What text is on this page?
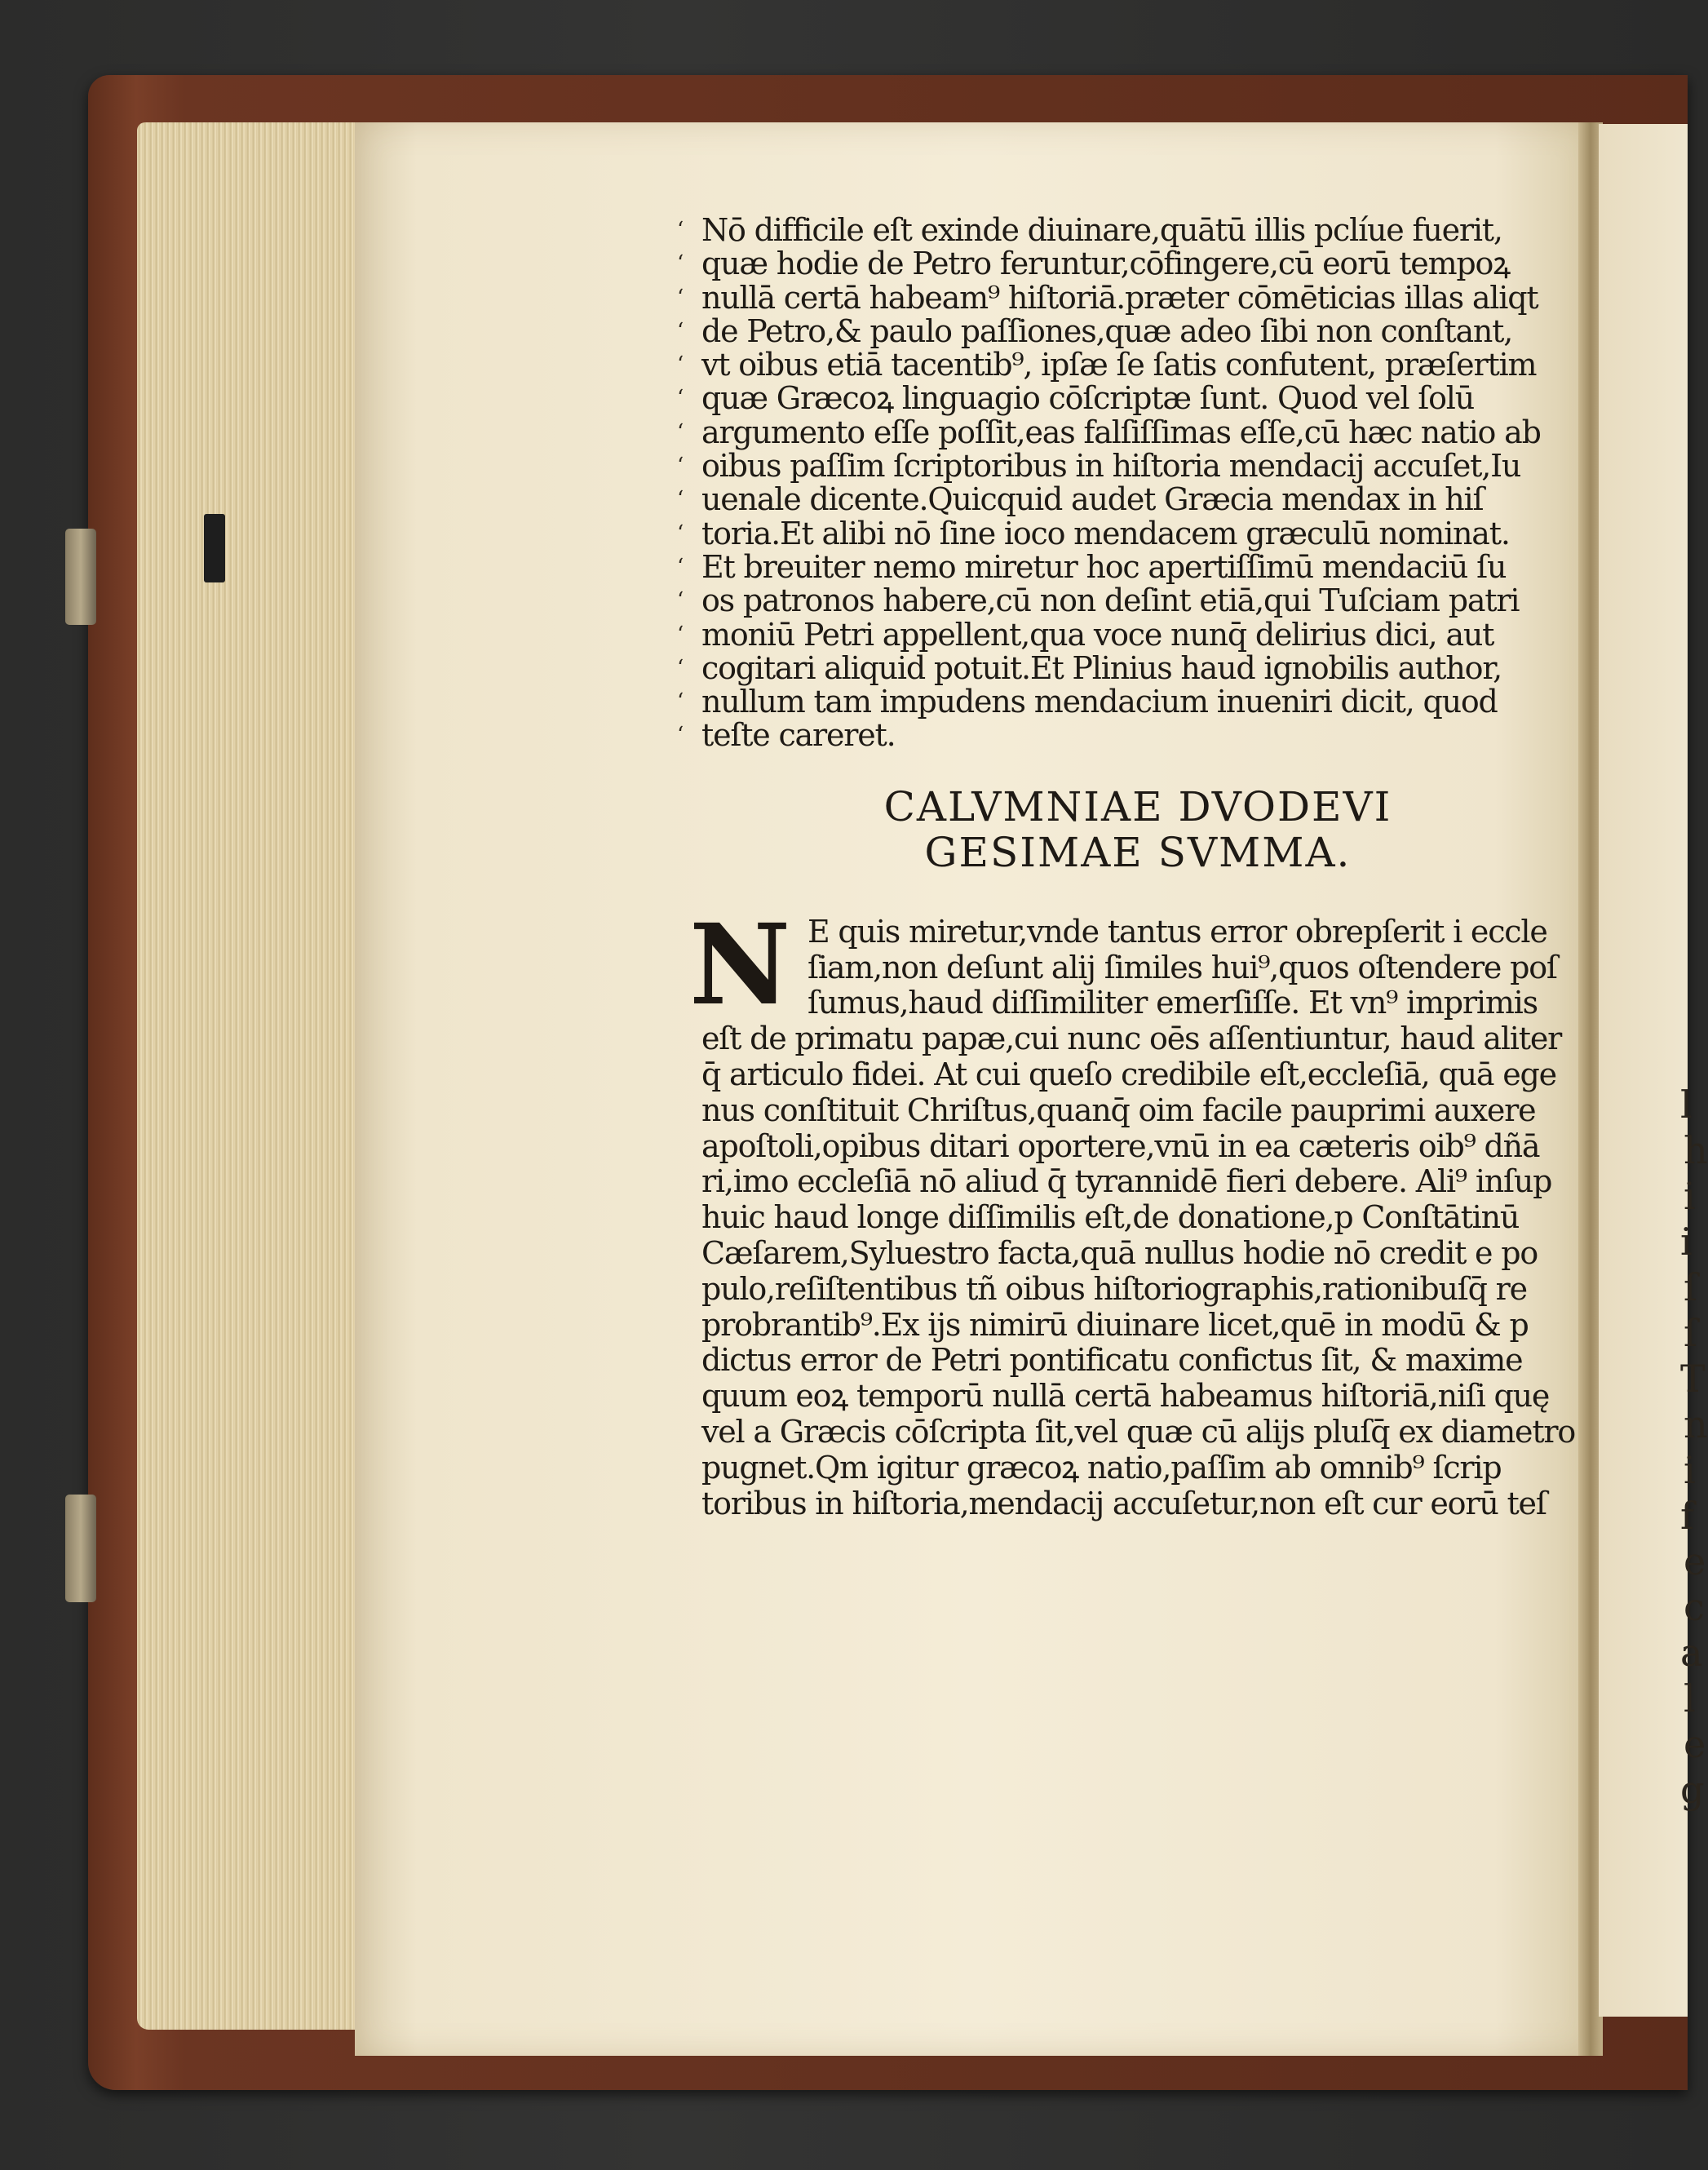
l
h
i
i
ſ
ſ
T
n
i
f
e
c
a
l
e
g
‘ Nō difficile eſt exinde diuinare,quātū illis pclíue fuerit,
‘ quæ hodie de Petro feruntur,cōfingere,cū eorū tempoꝝ
‘ nullā certā habeam⁹ hiſtoriā.præter cōmēticias illas aliqt
‘ de Petro,& paulo paſſiones,quæ adeo ſibi non conſtant,
‘ vt oibus etiā tacentib⁹, ipſæ ſe ſatis confutent, præſertim
‘ quæ Græcoꝝ linguagio cōſcriptæ ſunt. Quod vel ſolū
‘ argumento eſſe poſſit,eas falſiſſimas eſſe,cū hæc natio ab
‘ oibus paſſim ſcriptoribus in hiſtoria mendacij accuſet,Iu
‘ uenale dicente.Quicquid audet Græcia mendax in hiſ
‘ toria.Et alibi nō ſine ioco mendacem græculū nominat.
‘ Et breuiter nemo miretur hoc apertiſſimū mendaciū ſu
‘ os patronos habere,cū non deſint etiā,qui Tuſciam patri
‘ moniū Petri appellent,qua voce nunq̄ delirius dici, aut
‘ cogitari aliquid potuit.Et Plinius haud ignobilis author,
‘ nullum tam impudens mendacium inueniri dicit, quod
‘ teſte careret.
CALVMNIAE DVODEVI
GESIMAE SVMMA.
N E quis miretur,vnde tantus error obrepſerit i eccle
ſiam,non deſunt alij ſimiles hui⁹,quos oſtendere poſ
ſumus,haud diſſimiliter emerſiſſe. Et vn⁹ imprimis
eſt de primatu papæ,cui nunc oēs aſſentiuntur, haud aliter
q̄ articulo fidei. At cui queſo credibile eſt,eccleſiā, quā ege
nus conſtituit Chriſtus,quanq̄ oim facile pauprimi auxere
apoſtoli,opibus ditari oportere,vnū in ea cæteris oib⁹ dñā
ri,imo eccleſiā nō aliud q̄ tyrannidē fieri debere. Ali⁹ inſup
huic haud longe diſſimilis eſt,de donatione,p Conſtātinū
Cæſarem,Syluestro facta,quā nullus hodie nō credit e po
pulo,reſiſtentibus tñ oibus hiſtoriographis,rationibuſq̄ re
probrantib⁹.Ex ijs nimirū diuinare licet,quē in modū & p
dictus error de Petri pontificatu confictus ſit, & maxime
quum eoꝝ temporū nullā certā habeamus hiſtoriā,niſi quę
vel a Græcis cōſcripta ſit,vel quæ cū alijs pluſq̄ ex diametro
pugnet.Qm igitur græcoꝝ natio,paſſim ab omnib⁹ ſcrip
toribus in hiſtoria,mendacij accuſetur,non eſt cur eorū teſ
